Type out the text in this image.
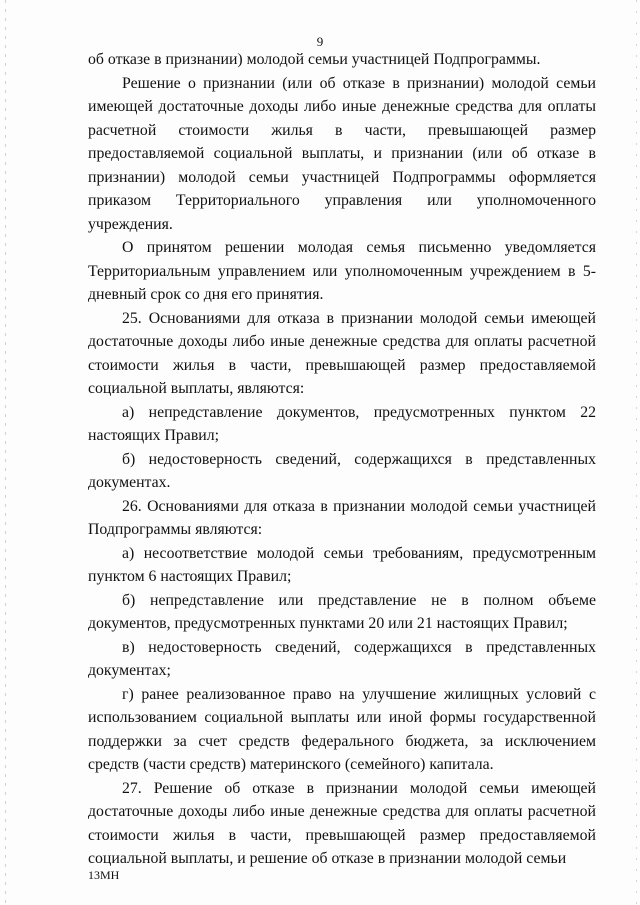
9

об отказе в признании) молодой семьи участницей Подпрограммы.

Решение о признании (или об отказе в признании) молодой семьи имеющей достаточные доходы либо иные денежные средства для оплаты расчетной стоимости жилья в части, превышающей размер предоставляемой социальной выплаты, и признании (или об отказе в признании) молодой семьи участницей Подпрограммы оформляется приказом Территориального управления или уполномоченного учреждения.

О принятом решении молодая семья письменно уведомляется Территориальным управлением или уполномоченным учреждением в 5-дневный срок со дня его принятия.

25. Основаниями для отказа в признании молодой семьи имеющей достаточные доходы либо иные денежные средства для оплаты расчетной стоимости жилья в части, превышающей размер предоставляемой социальной выплаты, являются:

а) непредставление документов, предусмотренных пунктом 22 настоящих Правил;

б) недостоверность сведений, содержащихся в представленных документах.

26. Основаниями для отказа в признании молодой семьи участницей Подпрограммы являются:

а) несоответствие молодой семьи требованиям, предусмотренным пунктом 6 настоящих Правил;

б) непредставление или представление не в полном объеме документов, предусмотренных пунктами 20 или 21 настоящих Правил;

в) недостоверность сведений, содержащихся в представленных документах;

г) ранее реализованное право на улучшение жилищных условий с использованием социальной выплаты или иной формы государственной поддержки за счет средств федерального бюджета, за исключением средств (части средств) материнского (семейного) капитала.

27. Решение об отказе в признании молодой семьи имеющей достаточные доходы либо иные денежные средства для оплаты расчетной стоимости жилья в части, превышающей размер предоставляемой социальной выплаты, и решение об отказе в признании молодой семьи

13МН
